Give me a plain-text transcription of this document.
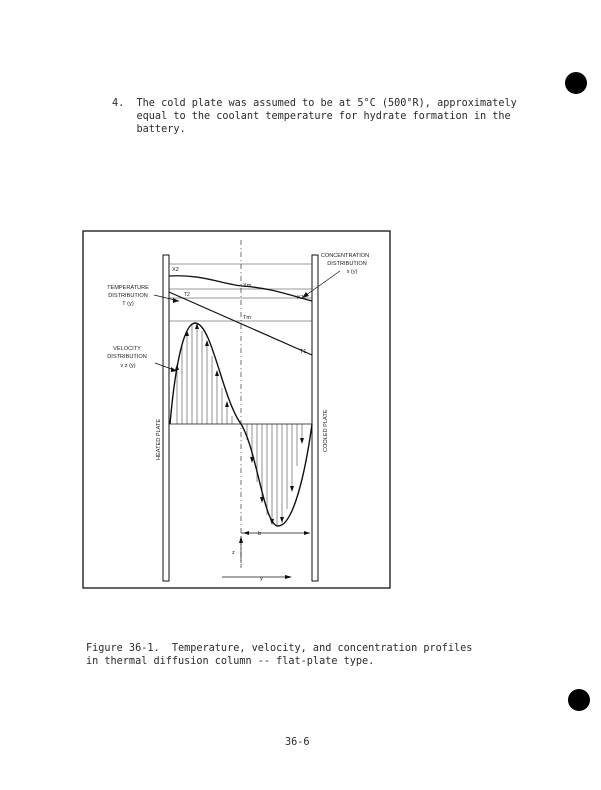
4.  The cold plate was assumed to be at 5°C (500°R), approximately
equal to the coolant temperature for hydrate formation in the
battery.
CONCENTRATION
DISTRIBUTION
x (y)
TEMPERATURE
DISTRIBUTION
T (y)
VELOCITY
DISTRIBUTION
v z (y)
HEATED PLATE	COOLED PLATE
X2
Xm
X1
T2
Tm
T1
b
z
y
Figure 36-1.  Temperature, velocity, and concentration profiles
in thermal diffusion column -- flat-plate type.
36-6
